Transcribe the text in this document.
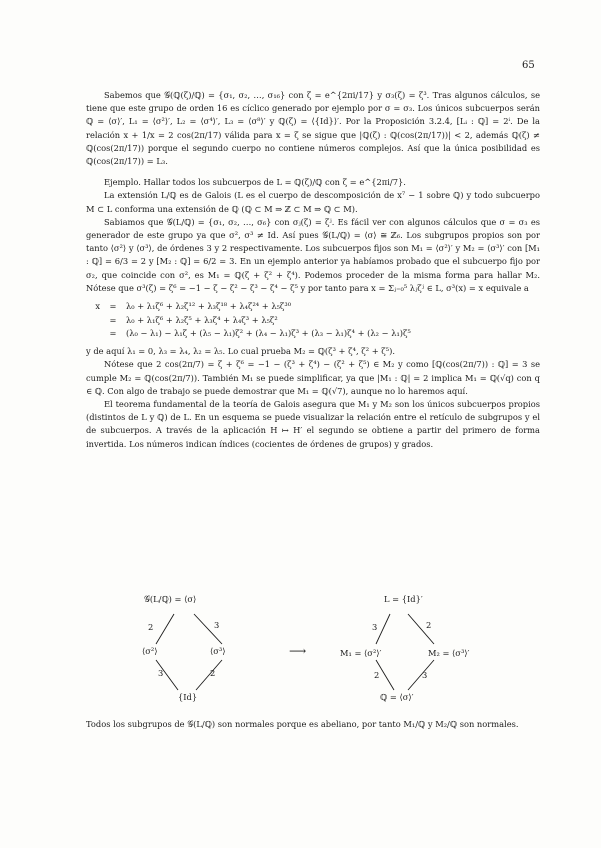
65

Sabemos que 𝒢(ℚ(ζ)/ℚ) = {σ₁, σ₂, …, σ₁₆} con ζ = e^{2πi/17} y σ₃(ζ) = ζ³. Tras algunos cálculos, se tiene que este grupo de orden 16 es cíclico generado por ejemplo por σ = σ₃. Los únicos subcuerpos serán ℚ = ⟨σ⟩′, L₁ = ⟨σ²⟩′, L₂ = ⟨σ⁴⟩′, L₃ = ⟨σ⁸⟩′ y ℚ(ζ) = ⟨{Id}⟩′. Por la Proposición 3.2.4, [Lᵢ : ℚ] = 2ⁱ. De la relación x + 1/x = 2 cos(2π/17) válida para x = ζ se sigue que |ℚ(ζ) : ℚ(cos(2π/17))| < 2, además ℚ(ζ) ≠ ℚ(cos(2π/17)) porque el segundo cuerpo no contiene números complejos. Así que la única posibilidad es ℚ(cos(2π/17)) = L₃.

Ejemplo. Hallar todos los subcuerpos de L = ℚ(ζ)/ℚ con ζ = e^{2πi/7}.

La extensión L/ℚ es de Galois (L es el cuerpo de descomposición de x⁷ − 1 sobre ℚ) y todo subcuerpo M ⊂ L conforma una extensión de ℚ (ℚ ⊂ M ⇒ ℤ ⊂ M ⇒ ℚ ⊂ M).

Sabiamos que 𝒢(L/ℚ) = {σ₁, σ₂, …, σ₆} con σⱼ(ζ) = ζʲ. Es fácil ver con algunos cálculos que σ = σ₃ es generador de este grupo ya que σ², σ³ ≠ Id. Así pues 𝒢(L/ℚ) = ⟨σ⟩ ≅ ℤ₆. Los subgrupos propios son por tanto ⟨σ²⟩ y ⟨σ³⟩, de órdenes 3 y 2 respectivamente. Los subcuerpos fijos son M₁ = ⟨σ²⟩′ y M₂ = ⟨σ³⟩′ con [M₁ : ℚ] = 6/3 = 2 y [M₂ : ℚ] = 6/2 = 3. En un ejemplo anterior ya habíamos probado que el subcuerpo fijo por σ₂, que coincide con σ², es M₁ = ℚ(ζ + ζ² + ζ⁴). Podemos proceder de la misma forma para hallar M₂. Nótese que σ³(ζ) = ζ⁶ = −1 − ζ − ζ² − ζ³ − ζ⁴ − ζ⁵ y por tanto para x = Σⱼ₌₀⁵ λⱼζʲ ∈ L, σ³(x) = x equivale a

x	=	λ₀ + λ₁ζ⁶ + λ₂ζ¹² + λ₃ζ¹⁸ + λ₄ζ²⁴ + λ₅ζ³⁰
=	λ₀ + λ₁ζ⁶ + λ₂ζ⁵ + λ₃ζ⁴ + λ₄ζ³ + λ₅ζ²
=	(λ₀ − λ₁) − λ₁ζ + (λ₅ − λ₁)ζ² + (λ₄ − λ₁)ζ³ + (λ₃ − λ₁)ζ⁴ + (λ₂ − λ₁)ζ⁵

y de aquí λ₁ = 0, λ₃ = λ₄, λ₂ = λ₅. Lo cual prueba M₂ = ℚ(ζ³ + ζ⁴, ζ² + ζ⁵).

Nótese que 2 cos(2π/7) = ζ + ζ⁶ = −1 − (ζ³ + ζ⁴) − (ζ² + ζ⁵) ∈ M₂ y como [ℚ(cos(2π/7)) : ℚ] = 3 se cumple M₂ = ℚ(cos(2π/7)). También M₁ se puede simplificar, ya que |M₁ : ℚ| = 2 implica M₁ = ℚ(√q) con q ∈ ℚ. Con algo de trabajo se puede demostrar que M₁ = ℚ(√7), aunque no lo haremos aquí.

El teorema fundamental de la teoría de Galois asegura que M₁ y M₂ son los únicos subcuerpos propios (distintos de L y ℚ) de L. En un esquema se puede visualizar la relación entre el retículo de subgrupos y el de subcuerpos. A través de la aplicación H ↦ H′ el segundo se obtiene a partir del primero de forma invertida. Los números indican índices (cocientes de órdenes de grupos) y grados.

𝒢(L/ℚ) = ⟨σ⟩
2	3
⟨σ²⟩	⟨σ³⟩
3	2
{Id}
⟶
L = {Id}′
3	2
M₁ = ⟨σ²⟩′	M₂ = ⟨σ³⟩′
2	3
ℚ = ⟨σ⟩′

Todos los subgrupos de 𝒢(L/ℚ) son normales porque es abeliano, por tanto M₁/ℚ y M₂/ℚ son normales.
